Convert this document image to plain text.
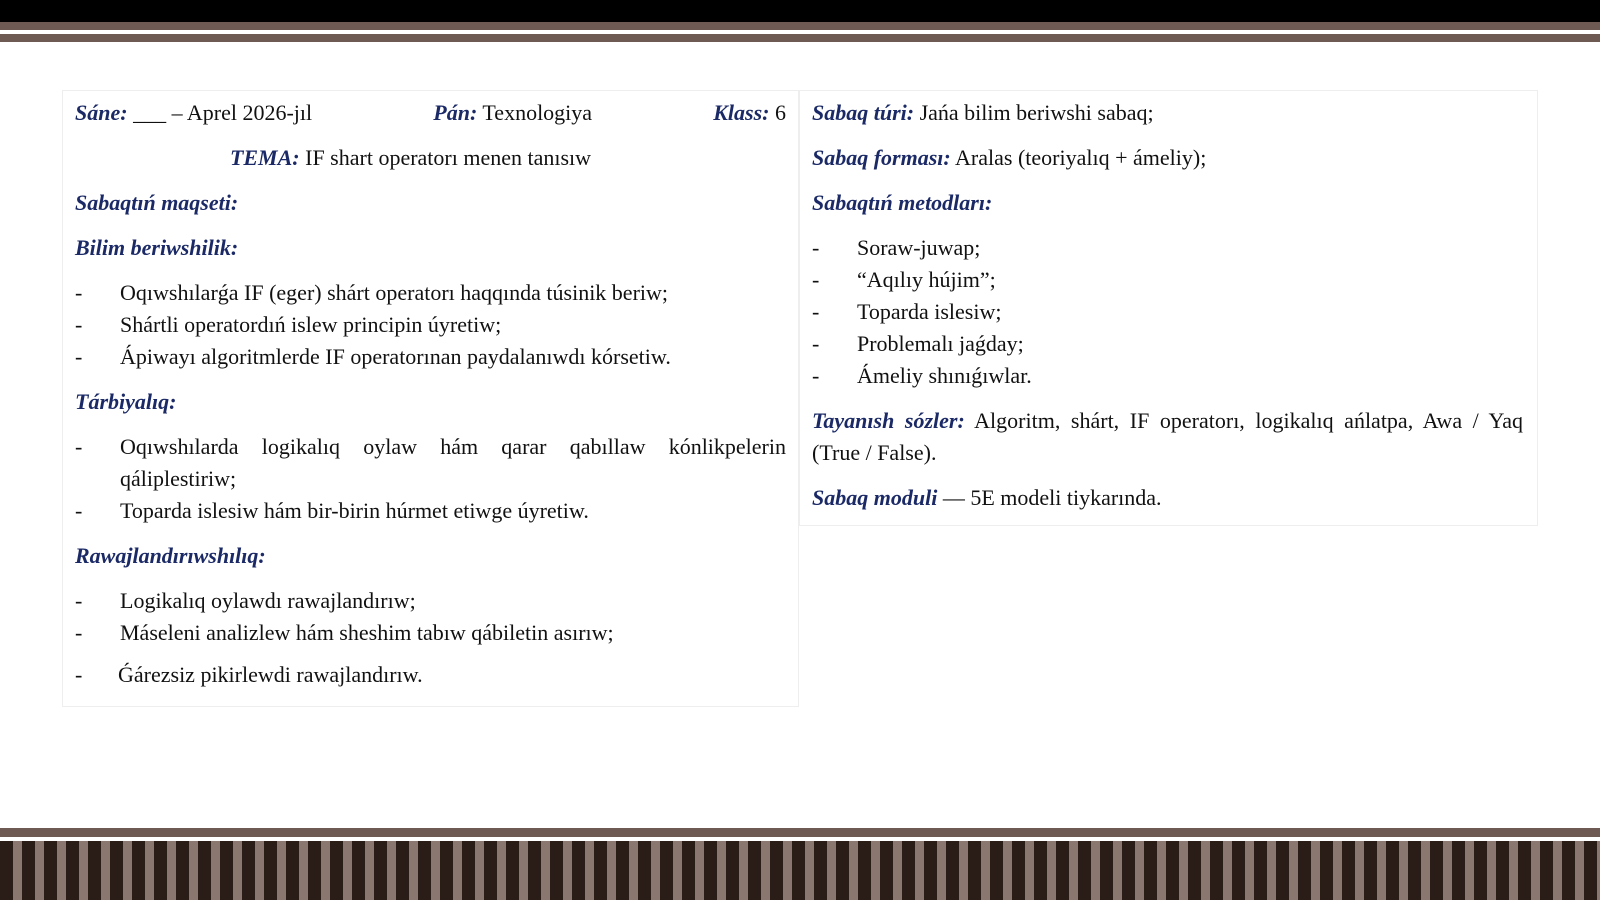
Sáne: ___ – Aprel 2026-jıl	Pán: Texnologiya	Klass: 6
TEMA: IF shart operatorı menen tanısıw
Sabaqtıń maqseti:
Bilim beriwshilik:
-	Oqıwshılarǵa IF (eger) shárt operatorı haqqında túsinik beriw;
-	Shártli operatordıń islew principin úyretiw;
-	Ápiwayı algoritmlerde IF operatorınan paydalanıwdı kórsetiw.
Tárbiyalıq:
-	Oqıwshılarda logikalıq oylaw hám qarar qabıllaw kónlikpelerin qáliplestiriw;
-	Toparda islesiw hám bir-birin húrmet etiwge úyretiw.
Rawajlandırıwshılıq:
-	Logikalıq oylawdı rawajlandırıw;
-	Máseleni analizlew hám sheshim tabıw qábiletin asırıw;
-	Ǵárezsiz pikirlewdi rawajlandırıw.
Sabaq túri: Jańa bilim beriwshi sabaq;
Sabaq forması: Aralas (teoriyalıq + ámeliy);
Sabaqtıń metodları:
-	Soraw-juwap;
-	“Aqılıy hújim”;
-	Toparda islesiw;
-	Problemalı jaǵday;
-	Ámeliy shınıǵıwlar.
Tayanısh sózler: Algoritm, shárt, IF operatorı, logikalıq ańlatpa, Awa / Yaq (True / False).
Sabaq moduli — 5E modeli tiykarında.
